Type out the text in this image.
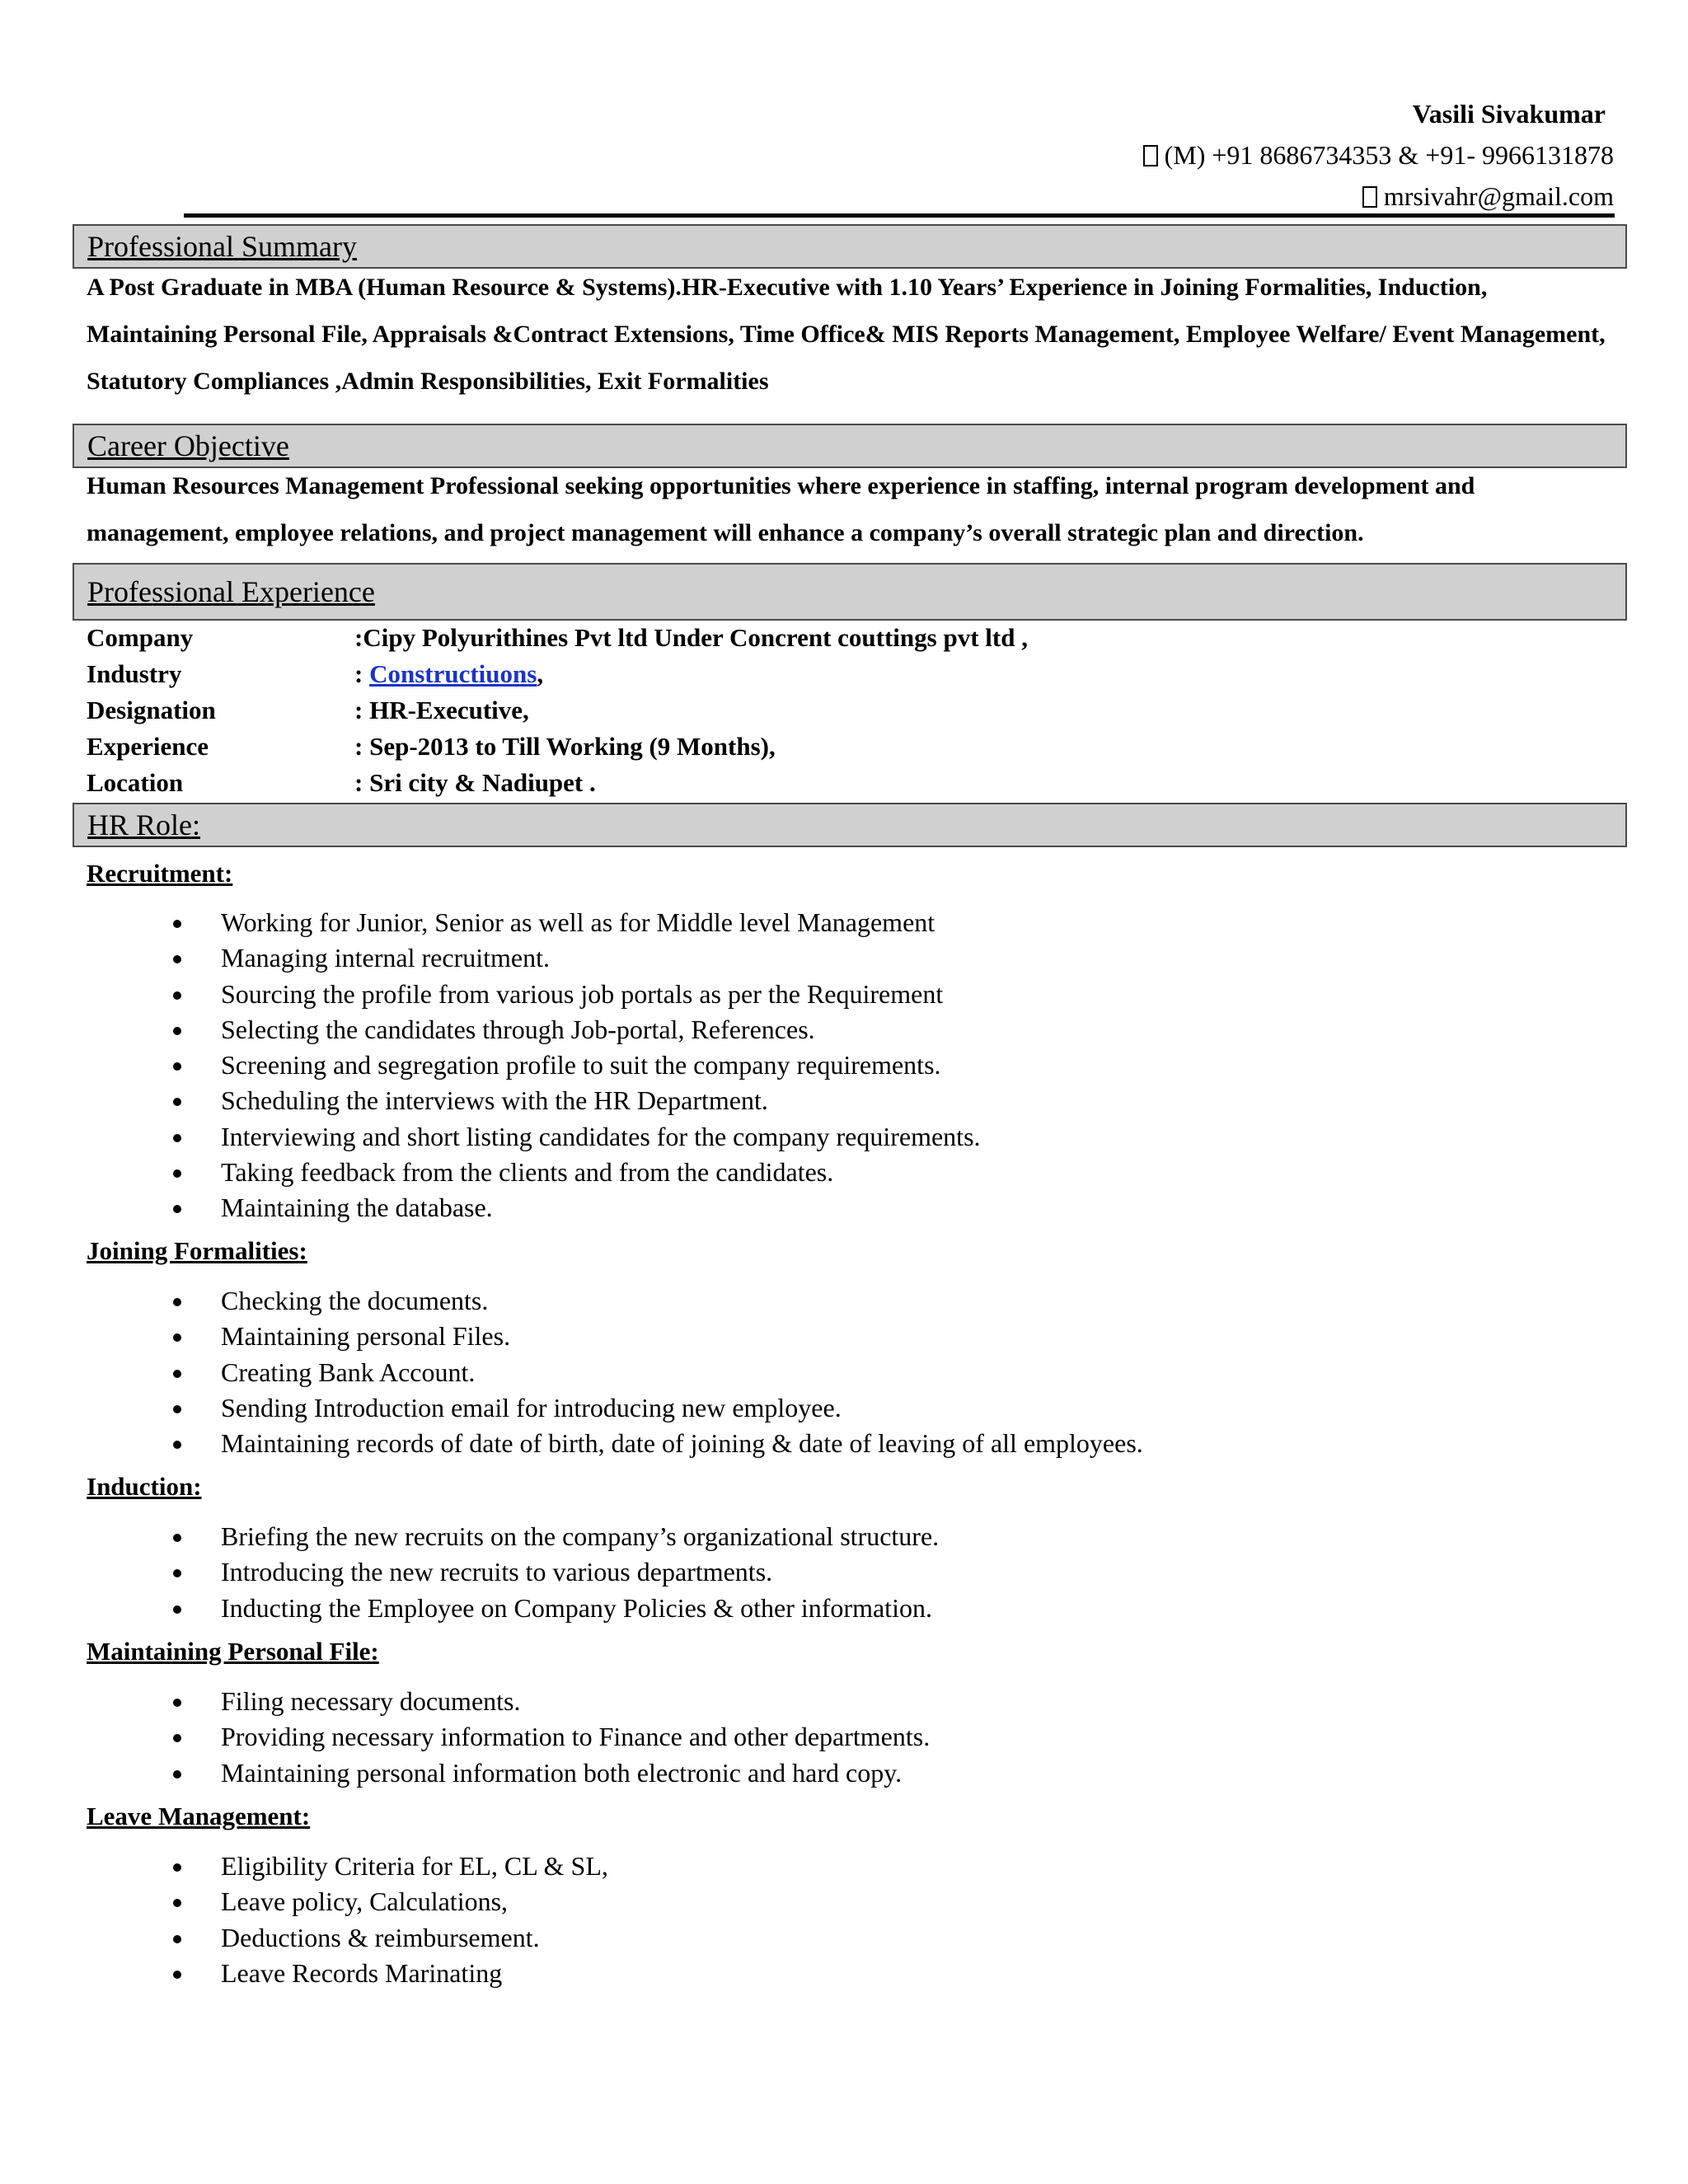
Vasili Sivakumar
(M) +91 8686734353 & +91- 9966131878
mrsivahr@gmail.com
Professional Summary
A Post Graduate in MBA (Human Resource & Systems).HR-Executive with 1.10 Years’ Experience in Joining Formalities, Induction, Maintaining Personal File, Appraisals &Contract Extensions, Time Office& MIS Reports Management, Employee Welfare/ Event Management, Statutory Compliances ,Admin Responsibilities, Exit Formalities
Career Objective
Human Resources Management Professional seeking opportunities where experience in staffing, internal program development and management, employee relations, and project management will enhance a company’s overall strategic plan and direction.
Professional Experience
Company	:Cipy Polyurithines Pvt ltd Under Concrent couttings pvt ltd ,
Industry	: Constructiuons,
Designation	: HR-Executive,
Experience	: Sep-2013 to Till Working (9 Months),
Location	: Sri city & Nadiupet .
HR Role:
Recruitment:
Working for Junior, Senior as well as for Middle level Management
Managing internal recruitment.
Sourcing the profile from various job portals as per the Requirement
Selecting the candidates through Job-portal, References.
Screening and segregation profile to suit the company requirements.
Scheduling the interviews with the HR Department.
Interviewing and short listing candidates for the company requirements.
Taking feedback from the clients and from the candidates.
Maintaining the database.
Joining Formalities:
Checking the documents.
Maintaining personal Files.
Creating Bank Account.
Sending Introduction email for introducing new employee.
Maintaining records of date of birth, date of joining & date of leaving of all employees.
Induction:
Briefing the new recruits on the company’s organizational structure.
Introducing the new recruits to various departments.
Inducting the Employee on Company Policies & other information.
Maintaining Personal File:
Filing necessary documents.
Providing necessary information to Finance and other departments.
Maintaining personal information both electronic and hard copy.
Leave Management:
Eligibility Criteria for EL, CL & SL,
Leave policy, Calculations,
Deductions & reimbursement.
Leave Records Marinating
